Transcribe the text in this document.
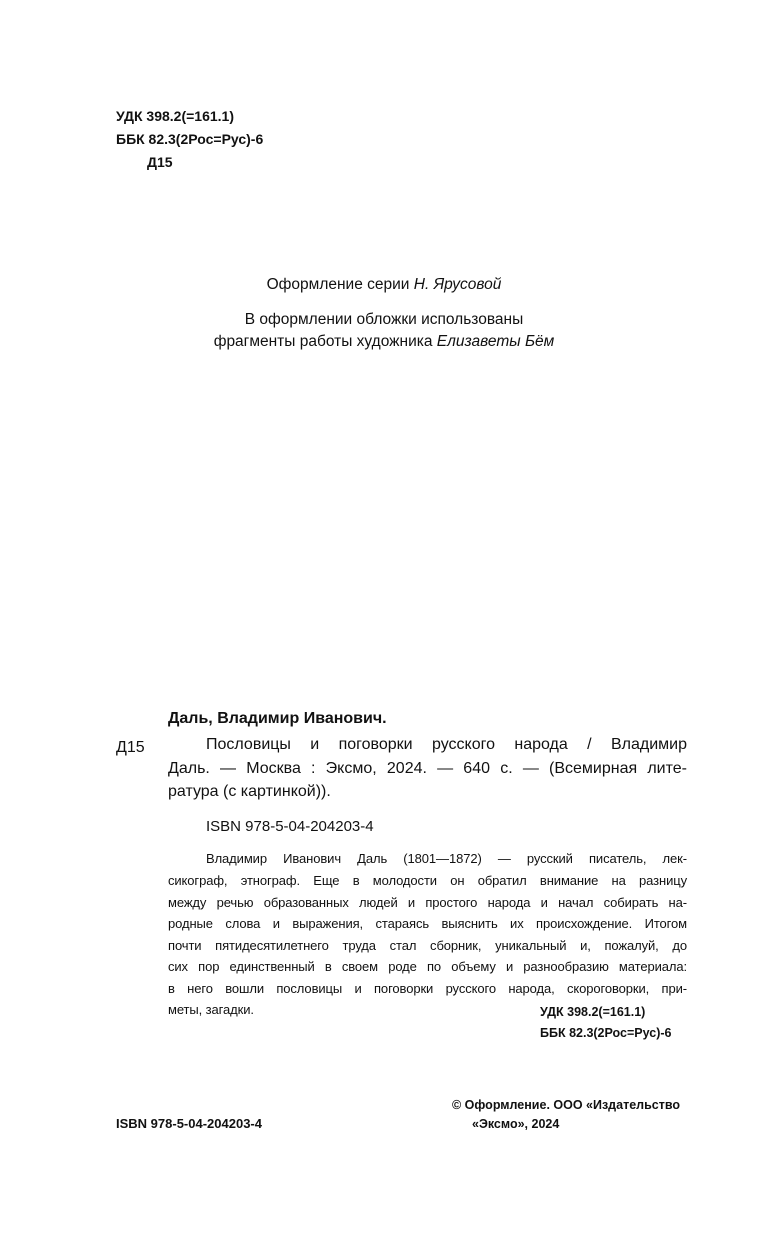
УДК 398.2(=161.1)
ББК 82.3(2Рос=Рус)-6
Д15
Оформление серии Н. Ярусовой
В оформлении обложки использованы
фрагменты работы художника Елизаветы Бём
Даль, Владимир Иванович.
Д15	Пословицы и поговорки русского народа / Владимир
Даль. — Москва : Эксмо, 2024. — 640 с. — (Всемирная лите-
ратура (с картинкой)).
ISBN 978-5-04-204203-4
Владимир Иванович Даль (1801—1872) — русский писатель, лек-
сикограф, этнограф. Еще в молодости он обратил внимание на разницу
между речью образованных людей и простого народа и начал собирать на-
родные слова и выражения, стараясь выяснить их происхождение. Итогом
почти пятидесятилетнего труда стал сборник, уникальный и, пожалуй, до
сих пор единственный в своем роде по объему и разнообразию материала:
в него вошли пословицы и поговорки русского народа, скороговорки, при-
меты, загадки.	УДК 398.2(=161.1)
ББК 82.3(2Рос=Рус)-6
ISBN 978-5-04-204203-4
© Оформление. ООО «Издательство
«Эксмо», 2024
